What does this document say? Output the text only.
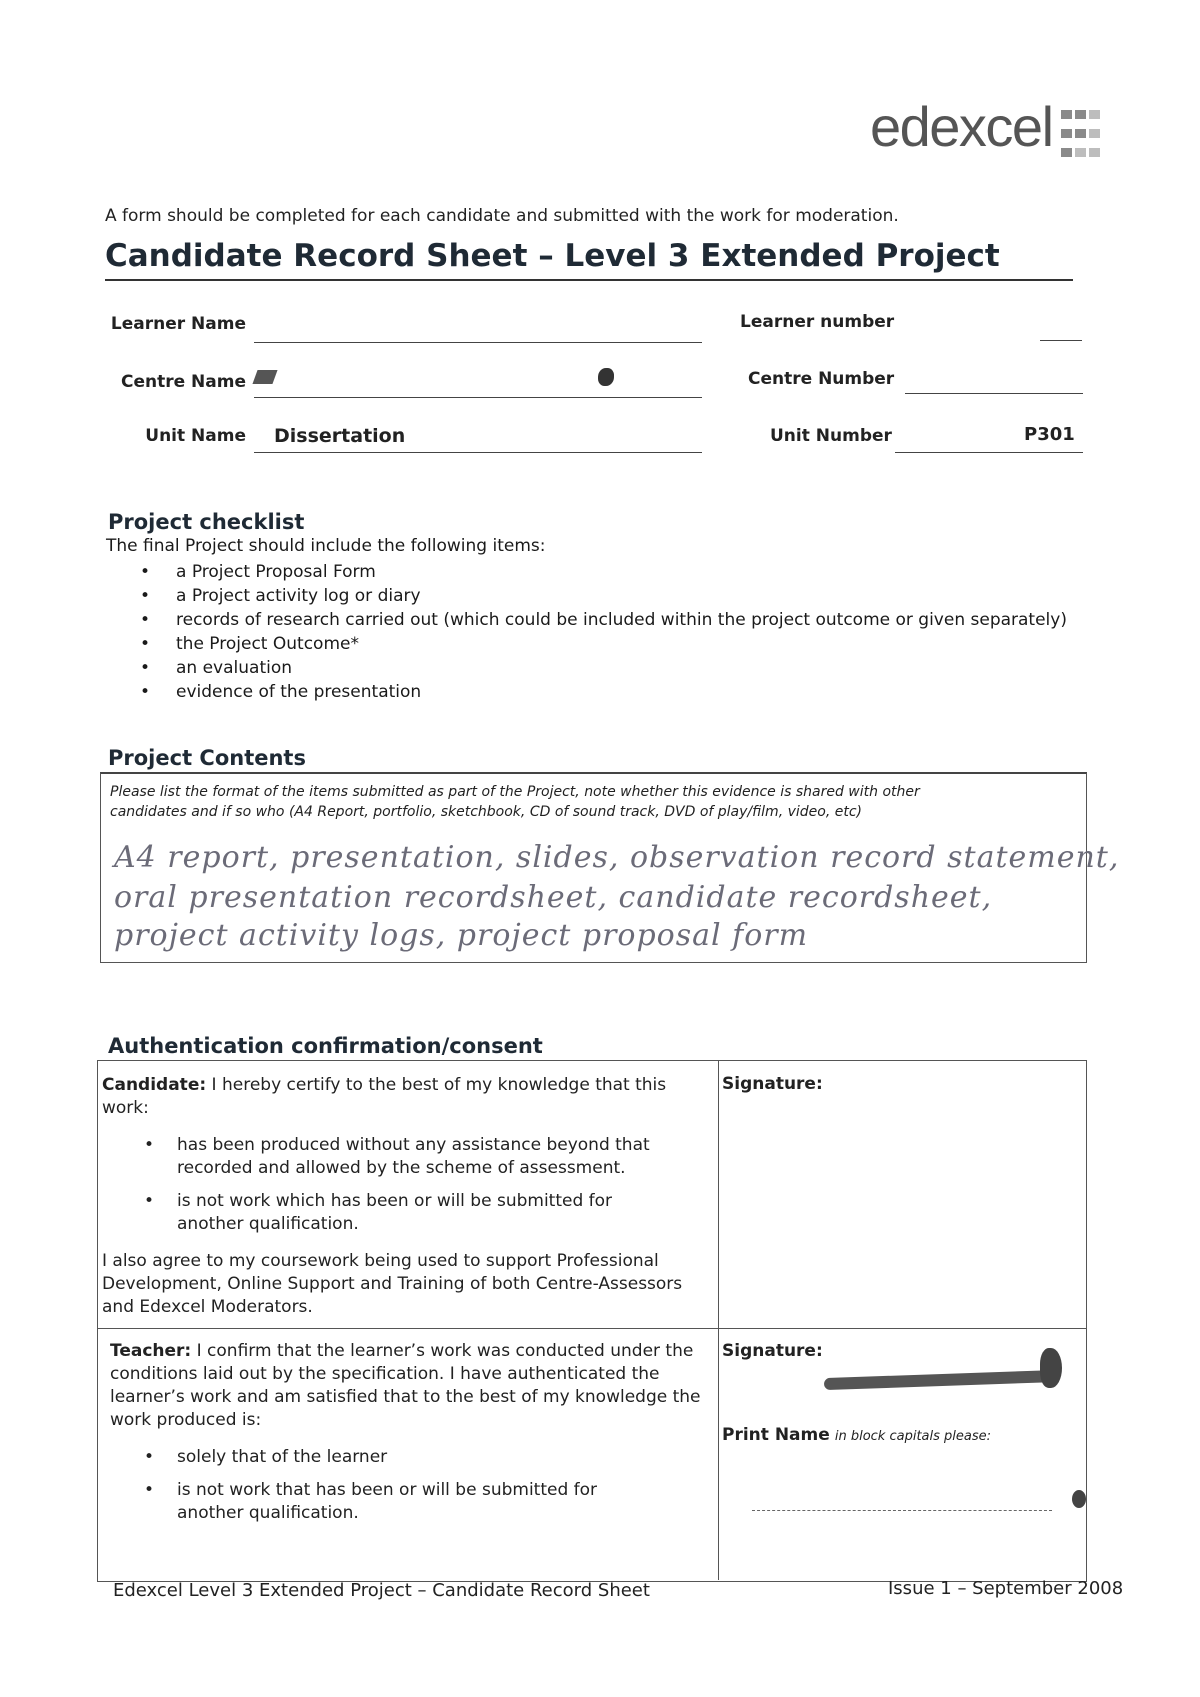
edexcel
A form should be completed for each candidate and submitted with the work for moderation.
Candidate Record Sheet – Level 3 Extended Project
Learner Name	Learner number
Centre Name	Centre Number
Unit Name Dissertation	Unit Number	P301
Project checklist
The final Project should include the following items:
• a Project Proposal Form
• a Project activity log or diary
• records of research carried out (which could be included within the project outcome or given separately)
• the Project Outcome*
• an evaluation
• evidence of the presentation
Project Contents
Please list the format of the items submitted as part of the Project, note whether this evidence is shared with other
candidates and if so who (A4 Report, portfolio, sketchbook, CD of sound track, DVD of play/film, video, etc)
A4 report, presentation, slides, observation record statement,
oral presentation recordsheet, candidate recordsheet,
project activity logs, project proposal form
Authentication confirmation/consent
Candidate: I hereby certify to the best of my knowledge that this work:
• has been produced without any assistance beyond that recorded and allowed by the scheme of assessment.
• is not work which has been or will be submitted for another qualification.
I also agree to my coursework being used to support Professional Development, Online Support and Training of both Centre-Assessors and Edexcel Moderators.
Signature:
Teacher: I confirm that the learner’s work was conducted under the conditions laid out by the specification. I have authenticated the learner’s work and am satisfied that to the best of my knowledge the work produced is:
• solely that of the learner
• is not work that has been or will be submitted for another qualification.
Signature:
Print Name in block capitals please:
Edexcel Level 3 Extended Project – Candidate Record Sheet	Issue 1 – September 2008
